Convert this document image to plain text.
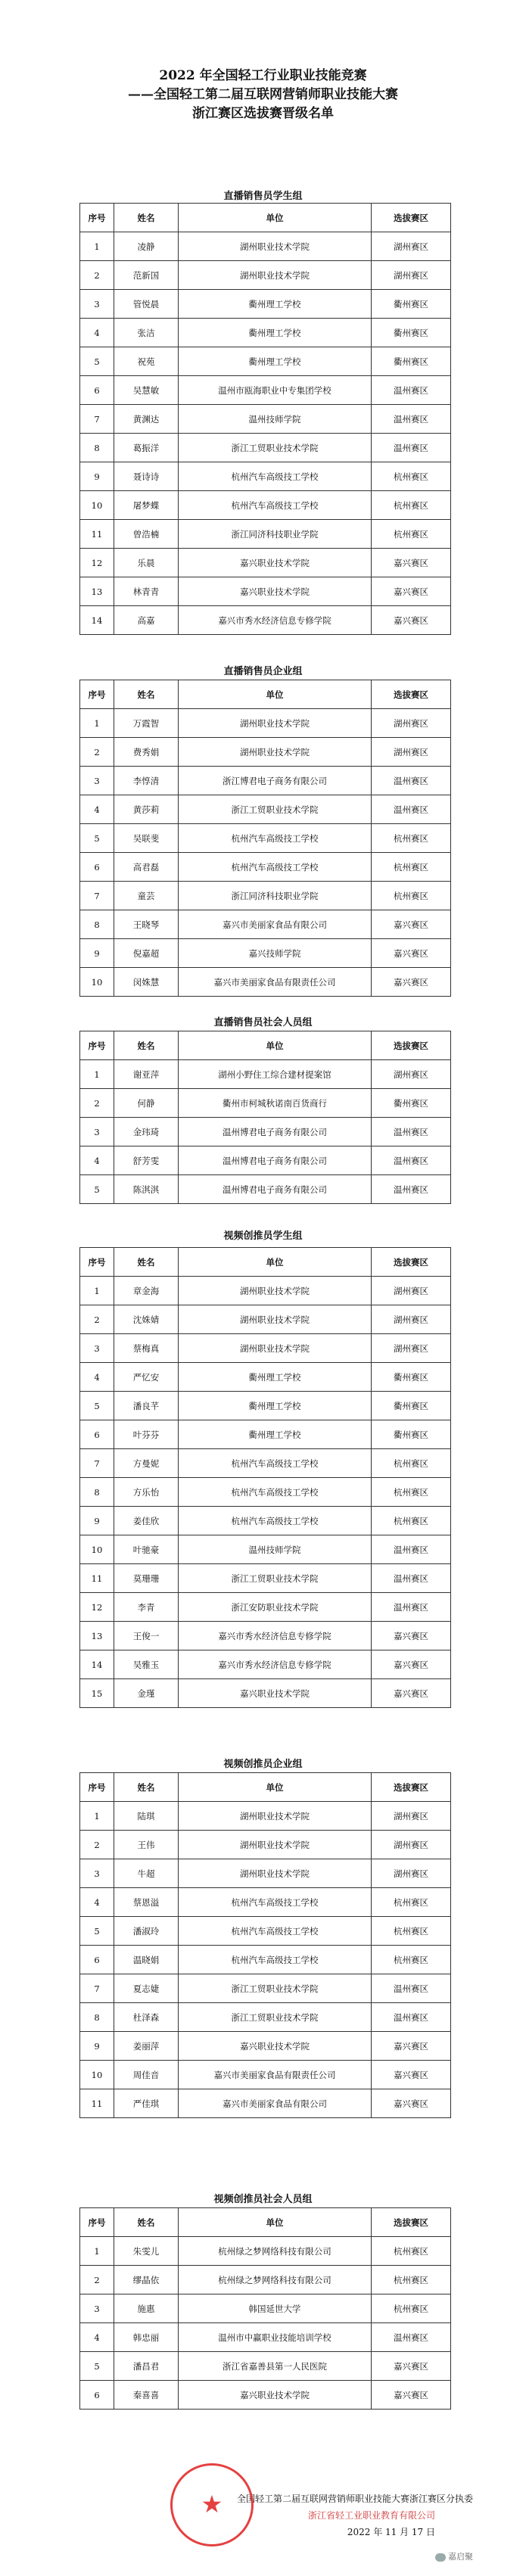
2022 年全国轻工行业职业技能竞赛
——全国轻工第二届互联网营销师职业技能大赛
浙江赛区选拔赛晋级名单
直播销售员学生组
序号	姓名	单位	选拔赛区
1	凌静	湖州职业技术学院	湖州赛区
2	范新国	湖州职业技术学院	湖州赛区
3	管悦晨	衢州理工学校	衢州赛区
4	张洁	衢州理工学校	衢州赛区
5	祝苑	衢州理工学校	衢州赛区
6	吴慧敏	温州市瓯海职业中专集团学校	温州赛区
7	黄渊达	温州技师学院	温州赛区
8	葛振洋	浙江工贸职业技术学院	温州赛区
9	聂诗诗	杭州汽车高级技工学校	杭州赛区
10	屠梦蝶	杭州汽车高级技工学校	杭州赛区
11	曾浩楠	浙江同济科技职业学院	杭州赛区
12	乐晨	嘉兴职业技术学院	嘉兴赛区
13	林青青	嘉兴职业技术学院	嘉兴赛区
14	高嘉	嘉兴市秀水经济信息专修学院	嘉兴赛区
直播销售员企业组
序号	姓名	单位	选拔赛区
1	万霞智	湖州职业技术学院	湖州赛区
2	费秀娟	湖州职业技术学院	湖州赛区
3	李惇清	浙江博君电子商务有限公司	温州赛区
4	黄莎莉	浙江工贸职业技术学院	温州赛区
5	吴联斐	杭州汽车高级技工学校	杭州赛区
6	高君磊	杭州汽车高级技工学校	杭州赛区
7	童芸	浙江同济科技职业学院	杭州赛区
8	王晓琴	嘉兴市美丽家食品有限公司	嘉兴赛区
9	倪嘉超	嘉兴技师学院	嘉兴赛区
10	闵姝慧	嘉兴市美丽家食品有限责任公司	嘉兴赛区
直播销售员社会人员组
序号	姓名	单位	选拔赛区
1	谢亚萍	湖州小野住工综合建材提案馆	湖州赛区
2	何静	衢州市柯城秋诺南百货商行	衢州赛区
3	金玮琦	温州博君电子商务有限公司	温州赛区
4	舒芳雯	温州博君电子商务有限公司	温州赛区
5	陈淇淇	温州博君电子商务有限公司	温州赛区
视频创推员学生组
序号	姓名	单位	选拔赛区
1	章金海	湖州职业技术学院	湖州赛区
2	沈姝婧	湖州职业技术学院	湖州赛区
3	蔡梅真	湖州职业技术学院	湖州赛区
4	严忆安	衢州理工学校	衢州赛区
5	潘良芊	衢州理工学校	衢州赛区
6	叶芬芬	衢州理工学校	衢州赛区
7	方曼妮	杭州汽车高级技工学校	杭州赛区
8	方乐怡	杭州汽车高级技工学校	杭州赛区
9	姜佳欣	杭州汽车高级技工学校	杭州赛区
10	叶驰豪	温州技师学院	温州赛区
11	莫珊珊	浙江工贸职业技术学院	温州赛区
12	李青	浙江安防职业技术学院	温州赛区
13	王俊一	嘉兴市秀水经济信息专修学院	嘉兴赛区
14	吴雅玉	嘉兴市秀水经济信息专修学院	嘉兴赛区
15	金瑾	嘉兴职业技术学院	嘉兴赛区
视频创推员企业组
序号	姓名	单位	选拔赛区
1	陆琪	湖州职业技术学院	湖州赛区
2	王伟	湖州职业技术学院	湖州赛区
3	牛超	湖州职业技术学院	湖州赛区
4	蔡恩溢	杭州汽车高级技工学校	杭州赛区
5	潘淑玲	杭州汽车高级技工学校	杭州赛区
6	温晓娟	杭州汽车高级技工学校	杭州赛区
7	夏志婕	浙江工贸职业技术学院	温州赛区
8	杜泽森	浙江工贸职业技术学院	温州赛区
9	姜丽萍	嘉兴职业技术学院	嘉兴赛区
10	周佳音	嘉兴市美丽家食品有限责任公司	嘉兴赛区
11	严佳琪	嘉兴市美丽家食品有限公司	嘉兴赛区
视频创推员社会人员组
序号	姓名	单位	选拔赛区
1	朱雯儿	杭州绿之梦网络科技有限公司	杭州赛区
2	缪晶依	杭州绿之梦网络科技有限公司	杭州赛区
3	施惠	韩国延世大学	杭州赛区
4	韩忠丽	温州市中赢职业技能培训学校	温州赛区
5	潘昌君	浙江省嘉善县第一人民医院	嘉兴赛区
6	秦喜喜	嘉兴职业技术学院	嘉兴赛区
全国轻工第二届互联网营销师职业技能大赛浙江赛区分执委
浙江省轻工业职业教育有限公司
2022 年 11 月 17 日
★
嘉启聚
